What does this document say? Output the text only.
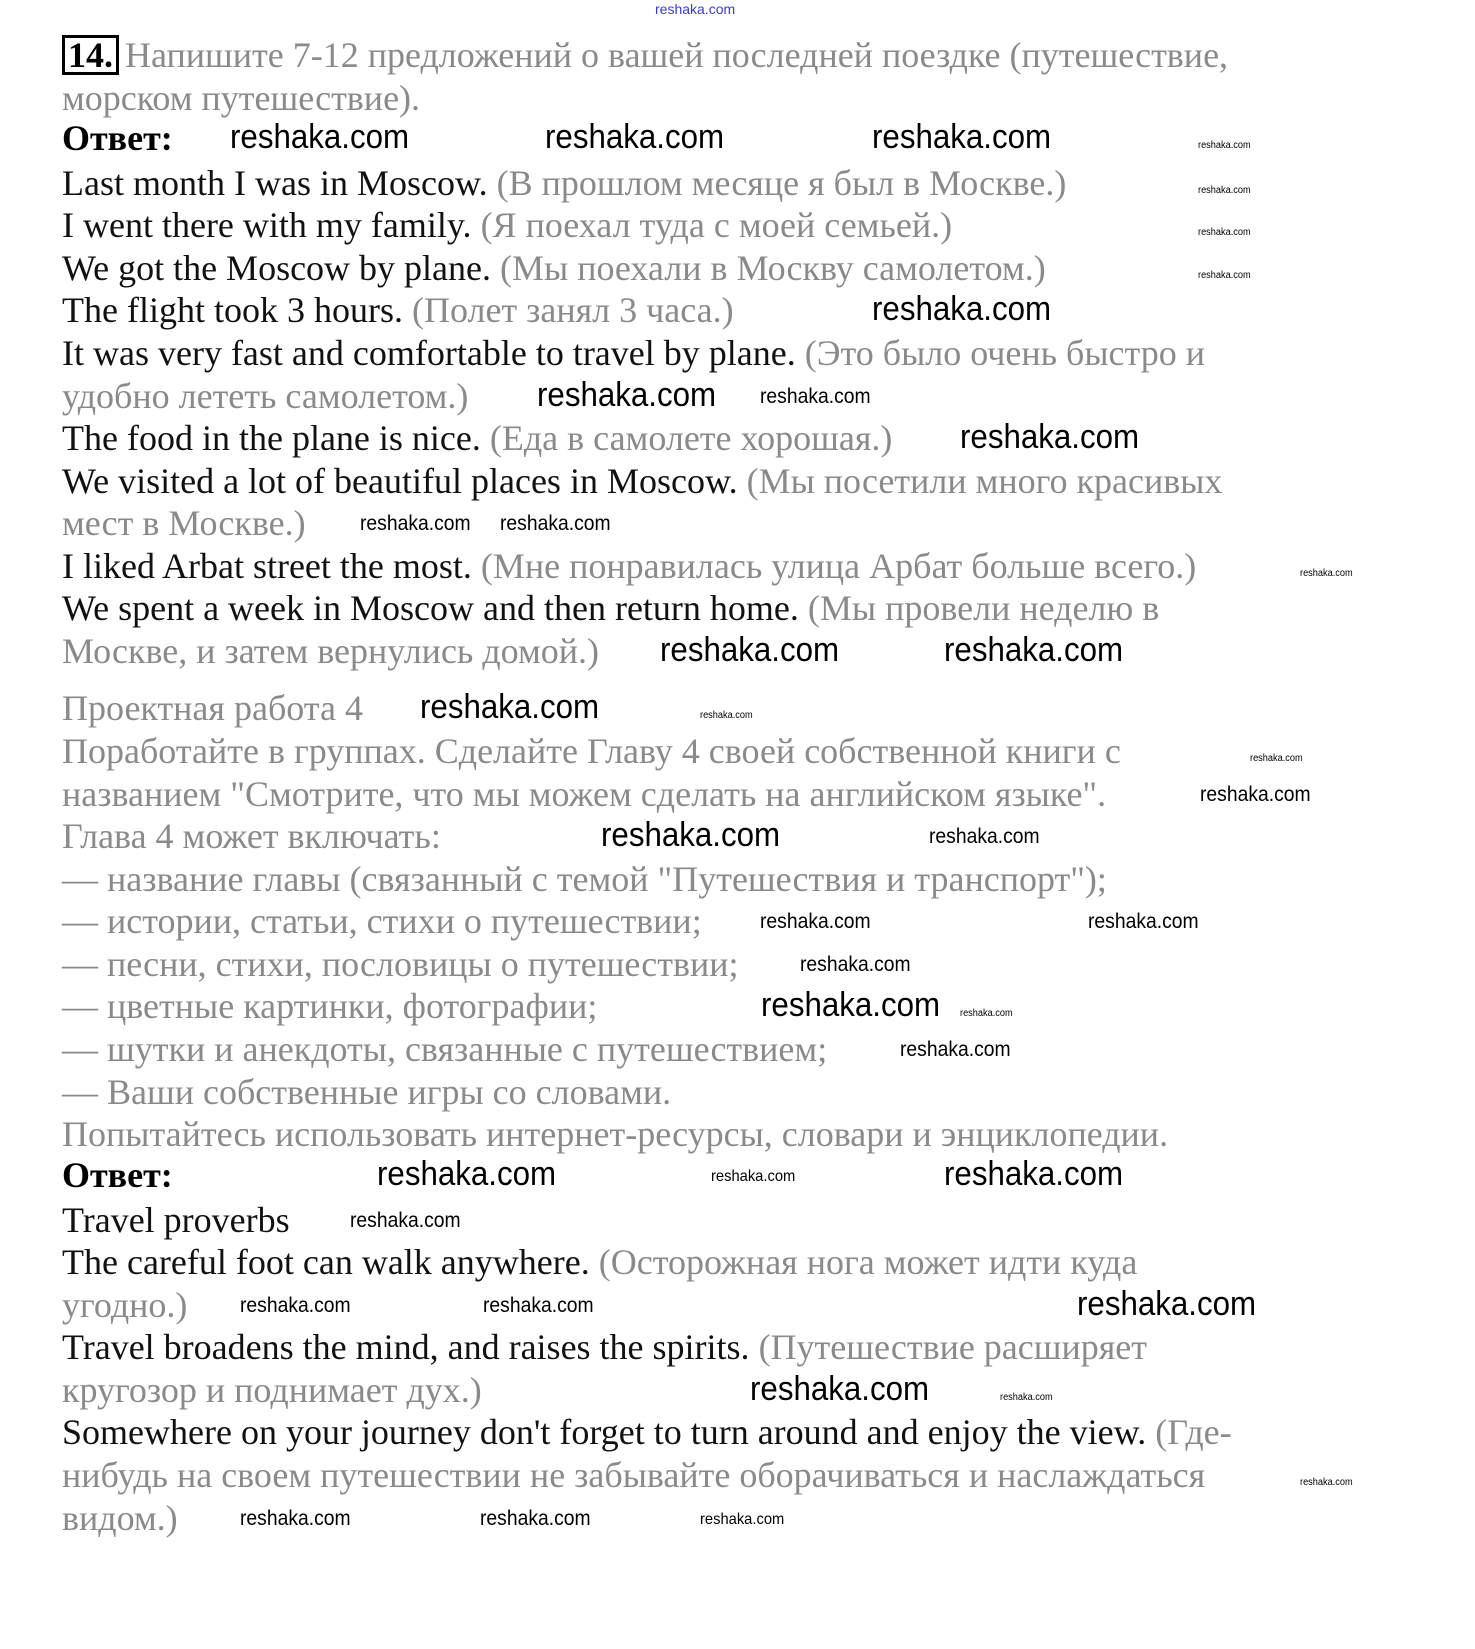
reshaka.com
14. Напишите 7-12 предложений о вашей последней поездке (путешествие,
морском путешествие).
Ответ:
Last month I was in Moscow. (В прошлом месяце я был в Москве.)
I went there with my family. (Я поехал туда с моей семьей.)
We got the Moscow by plane. (Мы поехали в Москву самолетом.)
The flight took 3 hours. (Полет занял 3 часа.)
It was very fast and comfortable to travel by plane. (Это было очень быстро и
удобно лететь самолетом.)
The food in the plane is nice. (Еда в самолете хорошая.)
We visited a lot of beautiful places in Moscow. (Мы посетили много красивых
мест в Москве.)
I liked Arbat street the most. (Мне понравилась улица Арбат больше всего.)
We spent a week in Moscow and then return home. (Мы провели неделю в
Москве, и затем вернулись домой.)
Проектная работа 4
Поработайте в группах. Сделайте Главу 4 своей собственной книги с
названием "Смотрите, что мы можем сделать на английском языке".
Глава 4 может включать:
— название главы (связанный с темой "Путешествия и транспорт");
— истории, статьи, стихи о путешествии;
— песни, стихи, пословицы о путешествии;
— цветные картинки, фотографии;
— шутки и анекдоты, связанные с путешествием;
— Ваши собственные игры со словами.
Попытайтесь использовать интернет-ресурсы, словари и энциклопедии.
Ответ:
Travel proverbs
The careful foot can walk anywhere. (Осторожная нога может идти куда
угодно.)
Travel broadens the mind, and raises the spirits. (Путешествие расширяет
кругозор и поднимает дух.)
Somewhere on your journey don't forget to turn around and enjoy the view. (Где-
нибудь на своем путешествии не забывайте оборачиваться и наслаждаться
видом.)
reshaka.com	reshaka.com	reshaka.com
reshaka.com
reshaka.com
reshaka.com
reshaka.com	reshaka.com
reshaka.com
reshaka.com
reshaka.com
reshaka.com	reshaka.com
reshaka.com
reshaka.com
reshaka.com
reshaka.com reshaka.com
reshaka.com
reshaka.com
reshaka.com	reshaka.com
reshaka.com
reshaka.com
reshaka.com
reshaka.com
reshaka.com	reshaka.com
reshaka.com	reshaka.com	reshaka.com
reshaka.com
reshaka.com
reshaka.com
reshaka.com
reshaka.com
reshaka.com
reshaka.com
reshaka.com
reshaka.com
reshaka.com
